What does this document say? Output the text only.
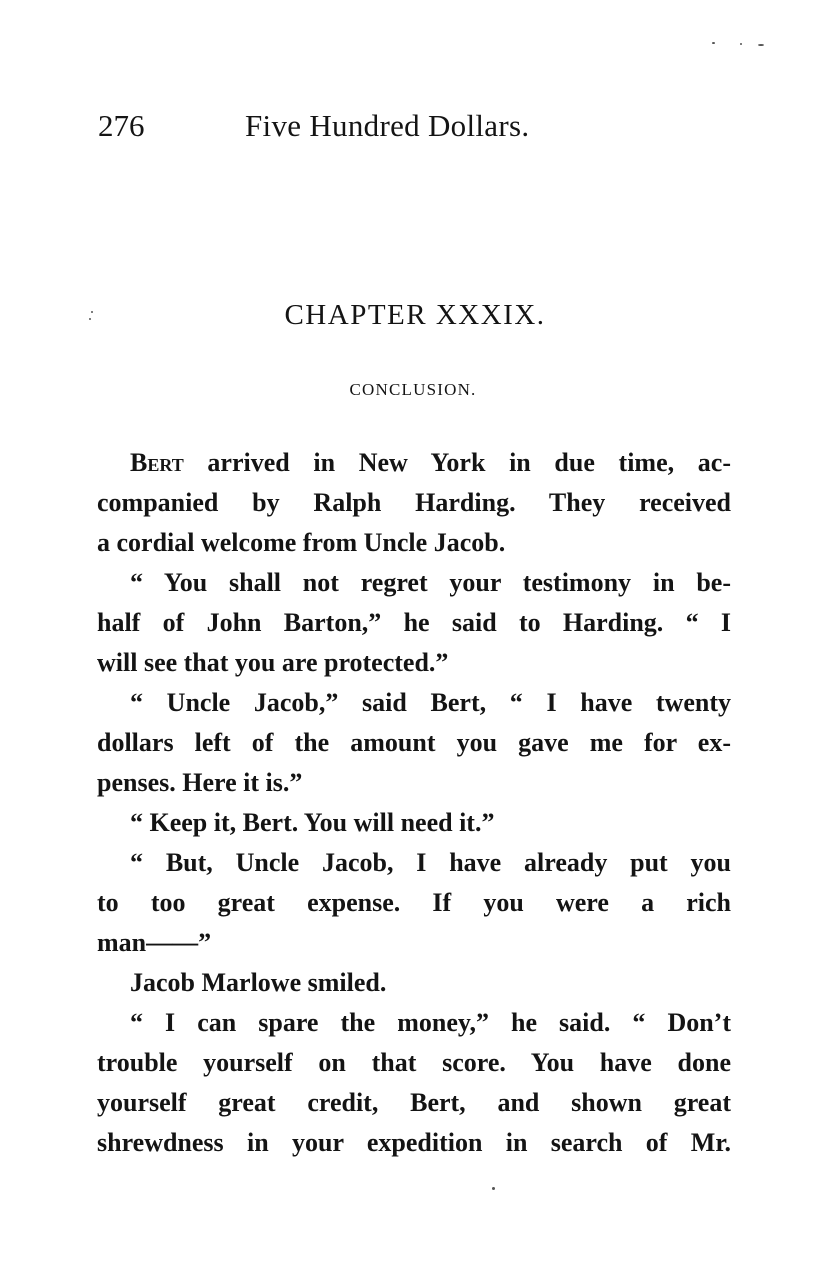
276	Five Hundred Dollars.
CHAPTER XXXIX.
CONCLUSION.
Bert arrived in New York in due time, ac-
companied by Ralph Harding. They received
a cordial welcome from Uncle Jacob.
“ You shall not regret your testimony in be-
half of John Barton,” he said to Harding. “ I
will see that you are protected.”
“ Uncle Jacob,” said Bert, “ I have twenty
dollars left of the amount you gave me for ex-
penses. Here it is.”
“ Keep it, Bert. You will need it.”
“ But, Uncle Jacob, I have already put you
to too great expense. If you were a rich
man——”
Jacob Marlowe smiled.
“ I can spare the money,” he said. “ Don’t
trouble yourself on that score. You have done
yourself great credit, Bert, and shown great
shrewdness in your expedition in search of Mr.
